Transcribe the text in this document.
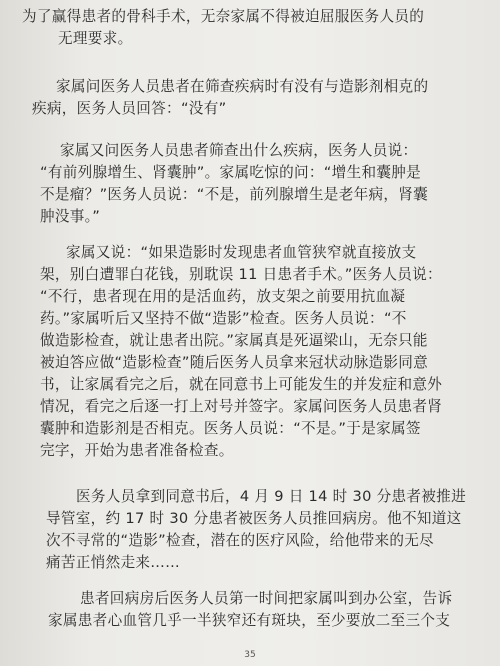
为了赢得患者的骨科手术，无奈家属不得被迫屈服医务人员的
无理要求。

家属问医务人员患者在筛查疾病时有没有与造影剂相克的
疾病，医务人员回答：“没有”

家属又问医务人员患者筛查出什么疾病，医务人员说：
“有前列腺增生、肾囊肿”。家属吃惊的问：“增生和囊肿是
不是瘤？”医务人员说：“不是，前列腺增生是老年病，肾囊
肿没事。”

家属又说：“如果造影时发现患者血管狭窄就直接放支
架，别白遭罪白花钱，别耽误 11 日患者手术。”医务人员说：
“不行，患者现在用的是活血药，放支架之前要用抗血凝
药。”家属听后又坚持不做“造影”检查。医务人员说：“不
做造影检查，就让患者出院。”家属真是死逼梁山，无奈只能
被迫答应做“造影检查”随后医务人员拿来冠状动脉造影同意
书，让家属看完之后，就在同意书上可能发生的并发症和意外
情况，看完之后逐一打上对号并签字。家属问医务人员患者肾
囊肿和造影剂是否相克。医务人员说：“不是。”于是家属签
完字，开始为患者准备检查。

医务人员拿到同意书后，4 月 9 日 14 时 30 分患者被推进
导管室，约 17 时 30 分患者被医务人员推回病房。他不知道这
次不寻常的“造影”检查，潜在的医疗风险，给他带来的无尽
痛苦正悄然走来……

患者回病房后医务人员第一时间把家属叫到办公室，告诉
家属患者心血管几乎一半狭窄还有斑块，至少要放二至三个支

35
